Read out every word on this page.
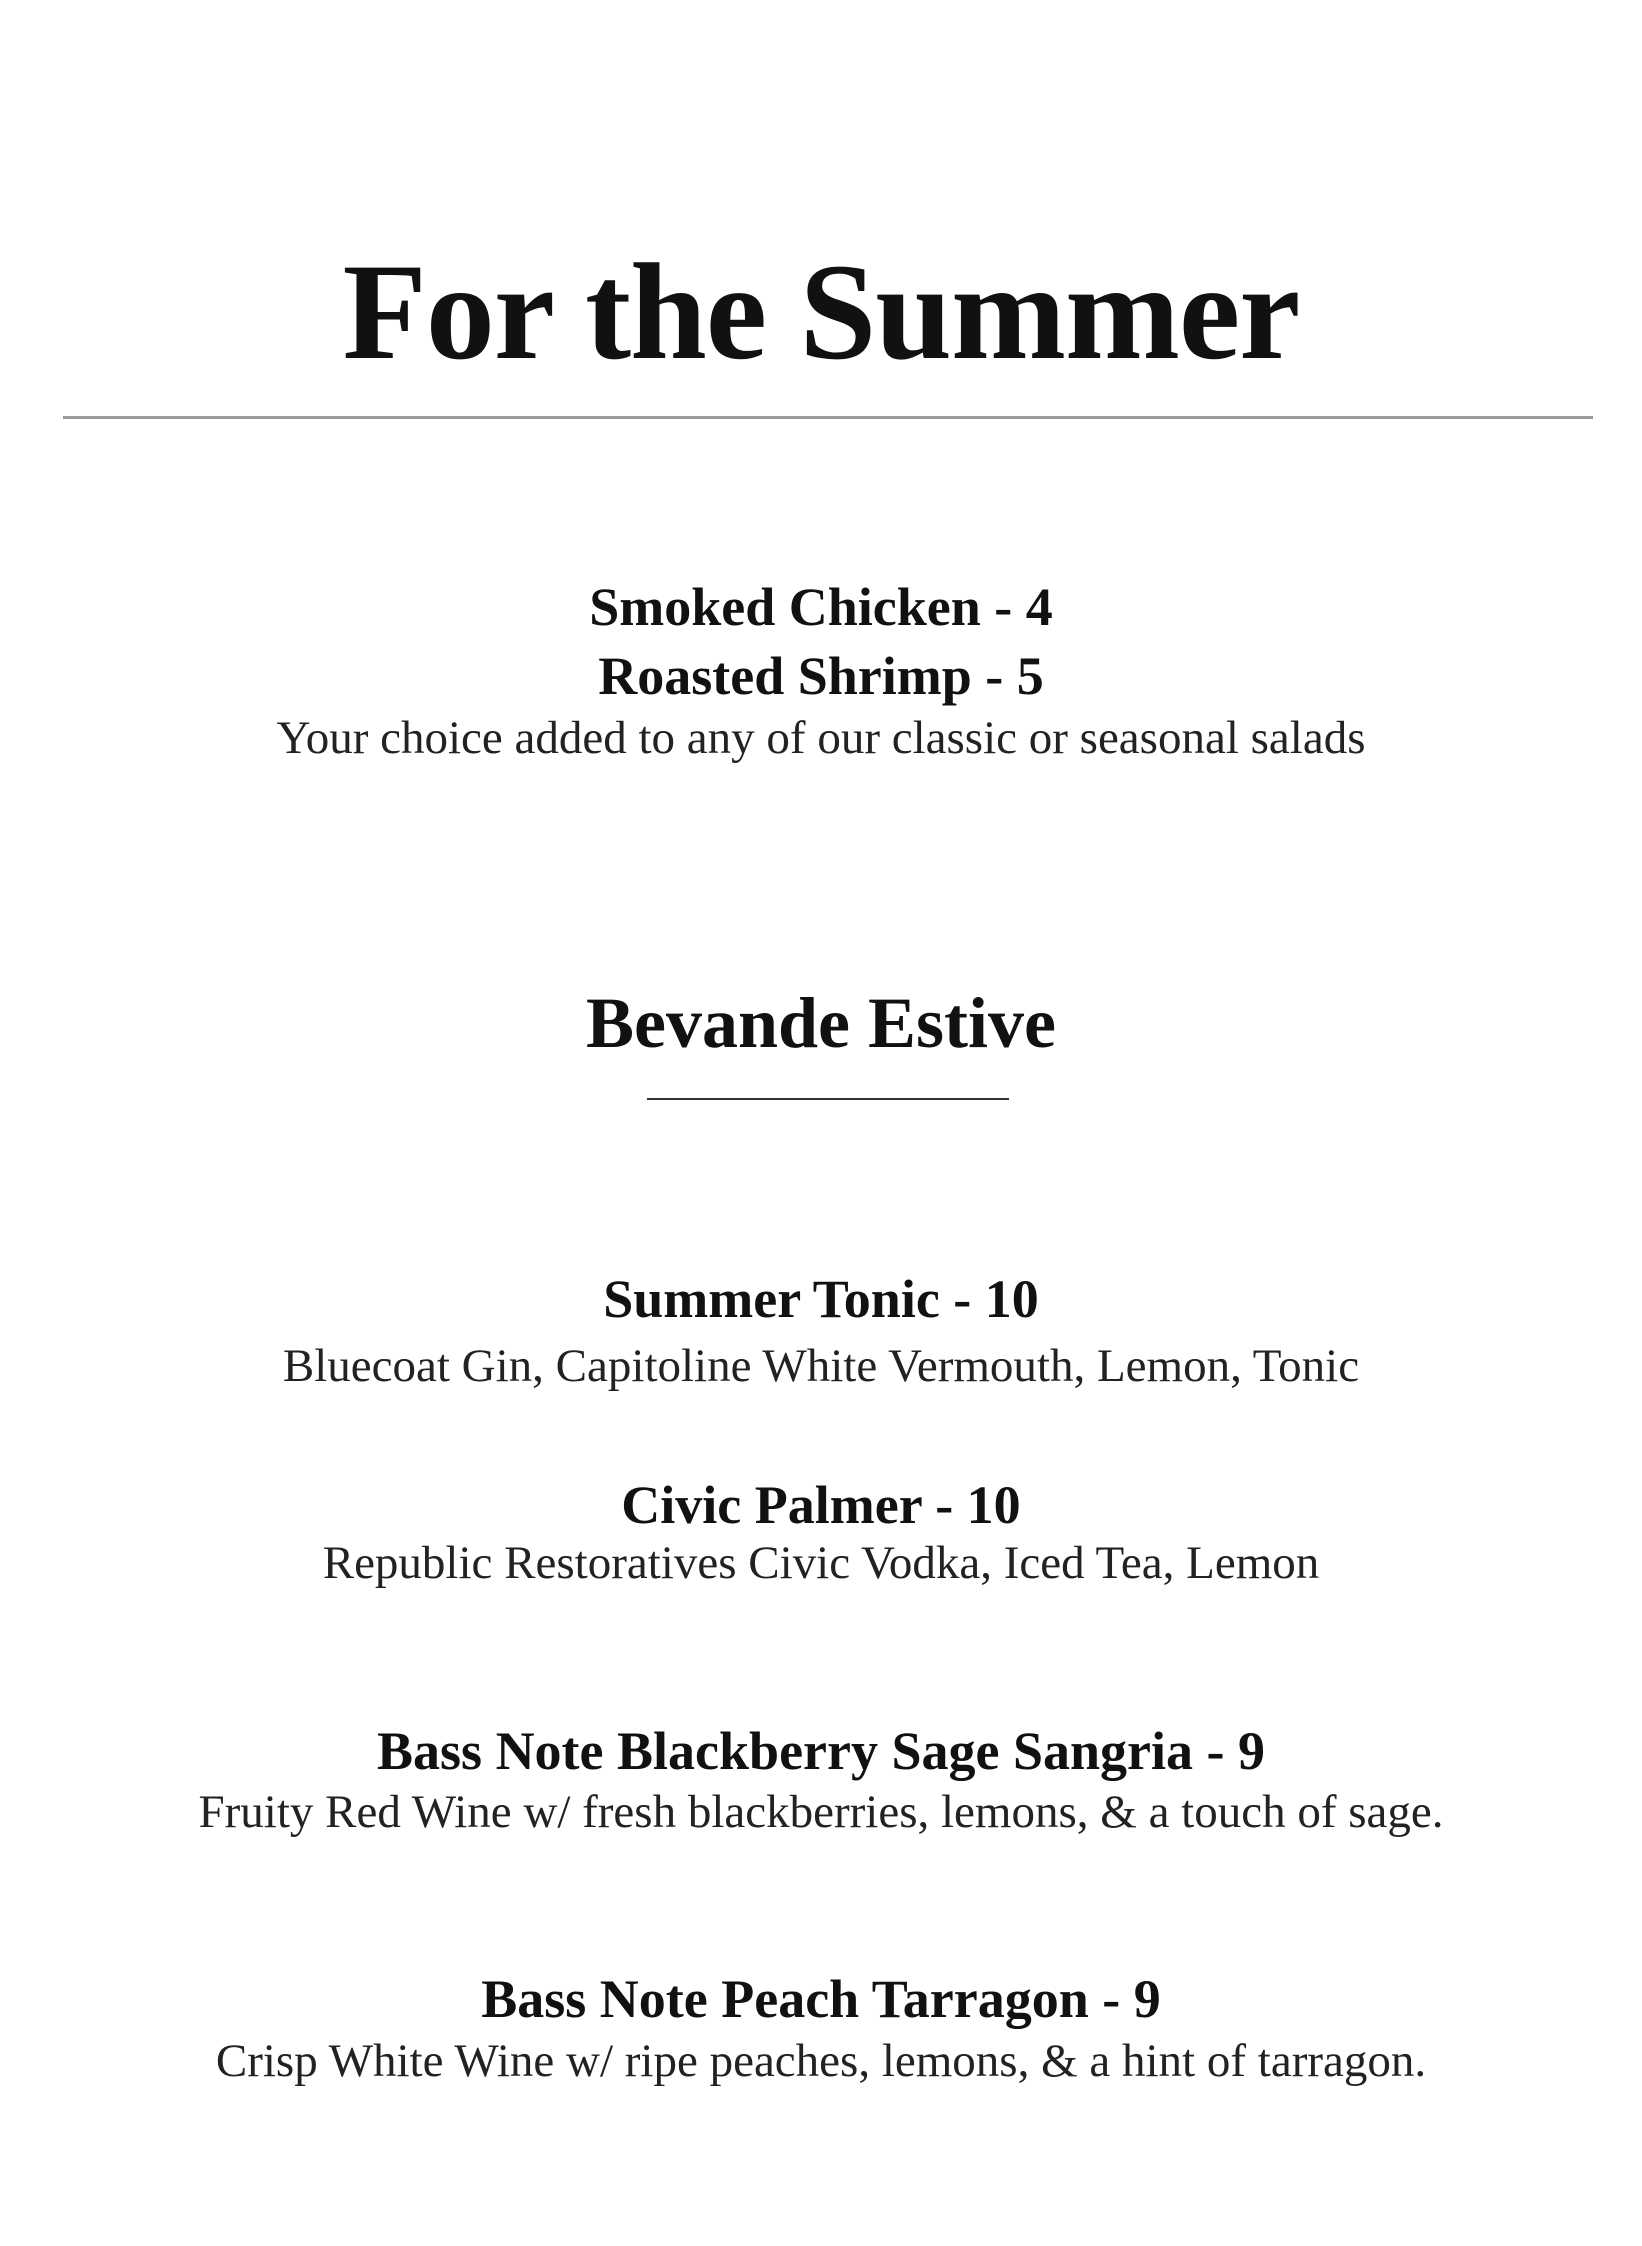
For the Summer
Smoked Chicken - 4
Roasted Shrimp - 5
Your choice added to any of our classic or seasonal salads
Bevande Estive
Summer Tonic - 10
Bluecoat Gin, Capitoline White Vermouth, Lemon, Tonic
Civic Palmer - 10
Republic Restoratives Civic Vodka, Iced Tea, Lemon
Bass Note Blackberry Sage Sangria - 9
Fruity Red Wine w/ fresh blackberries, lemons, & a touch of sage.
Bass Note Peach Tarragon - 9
Crisp White Wine w/ ripe peaches, lemons, & a hint of tarragon.
